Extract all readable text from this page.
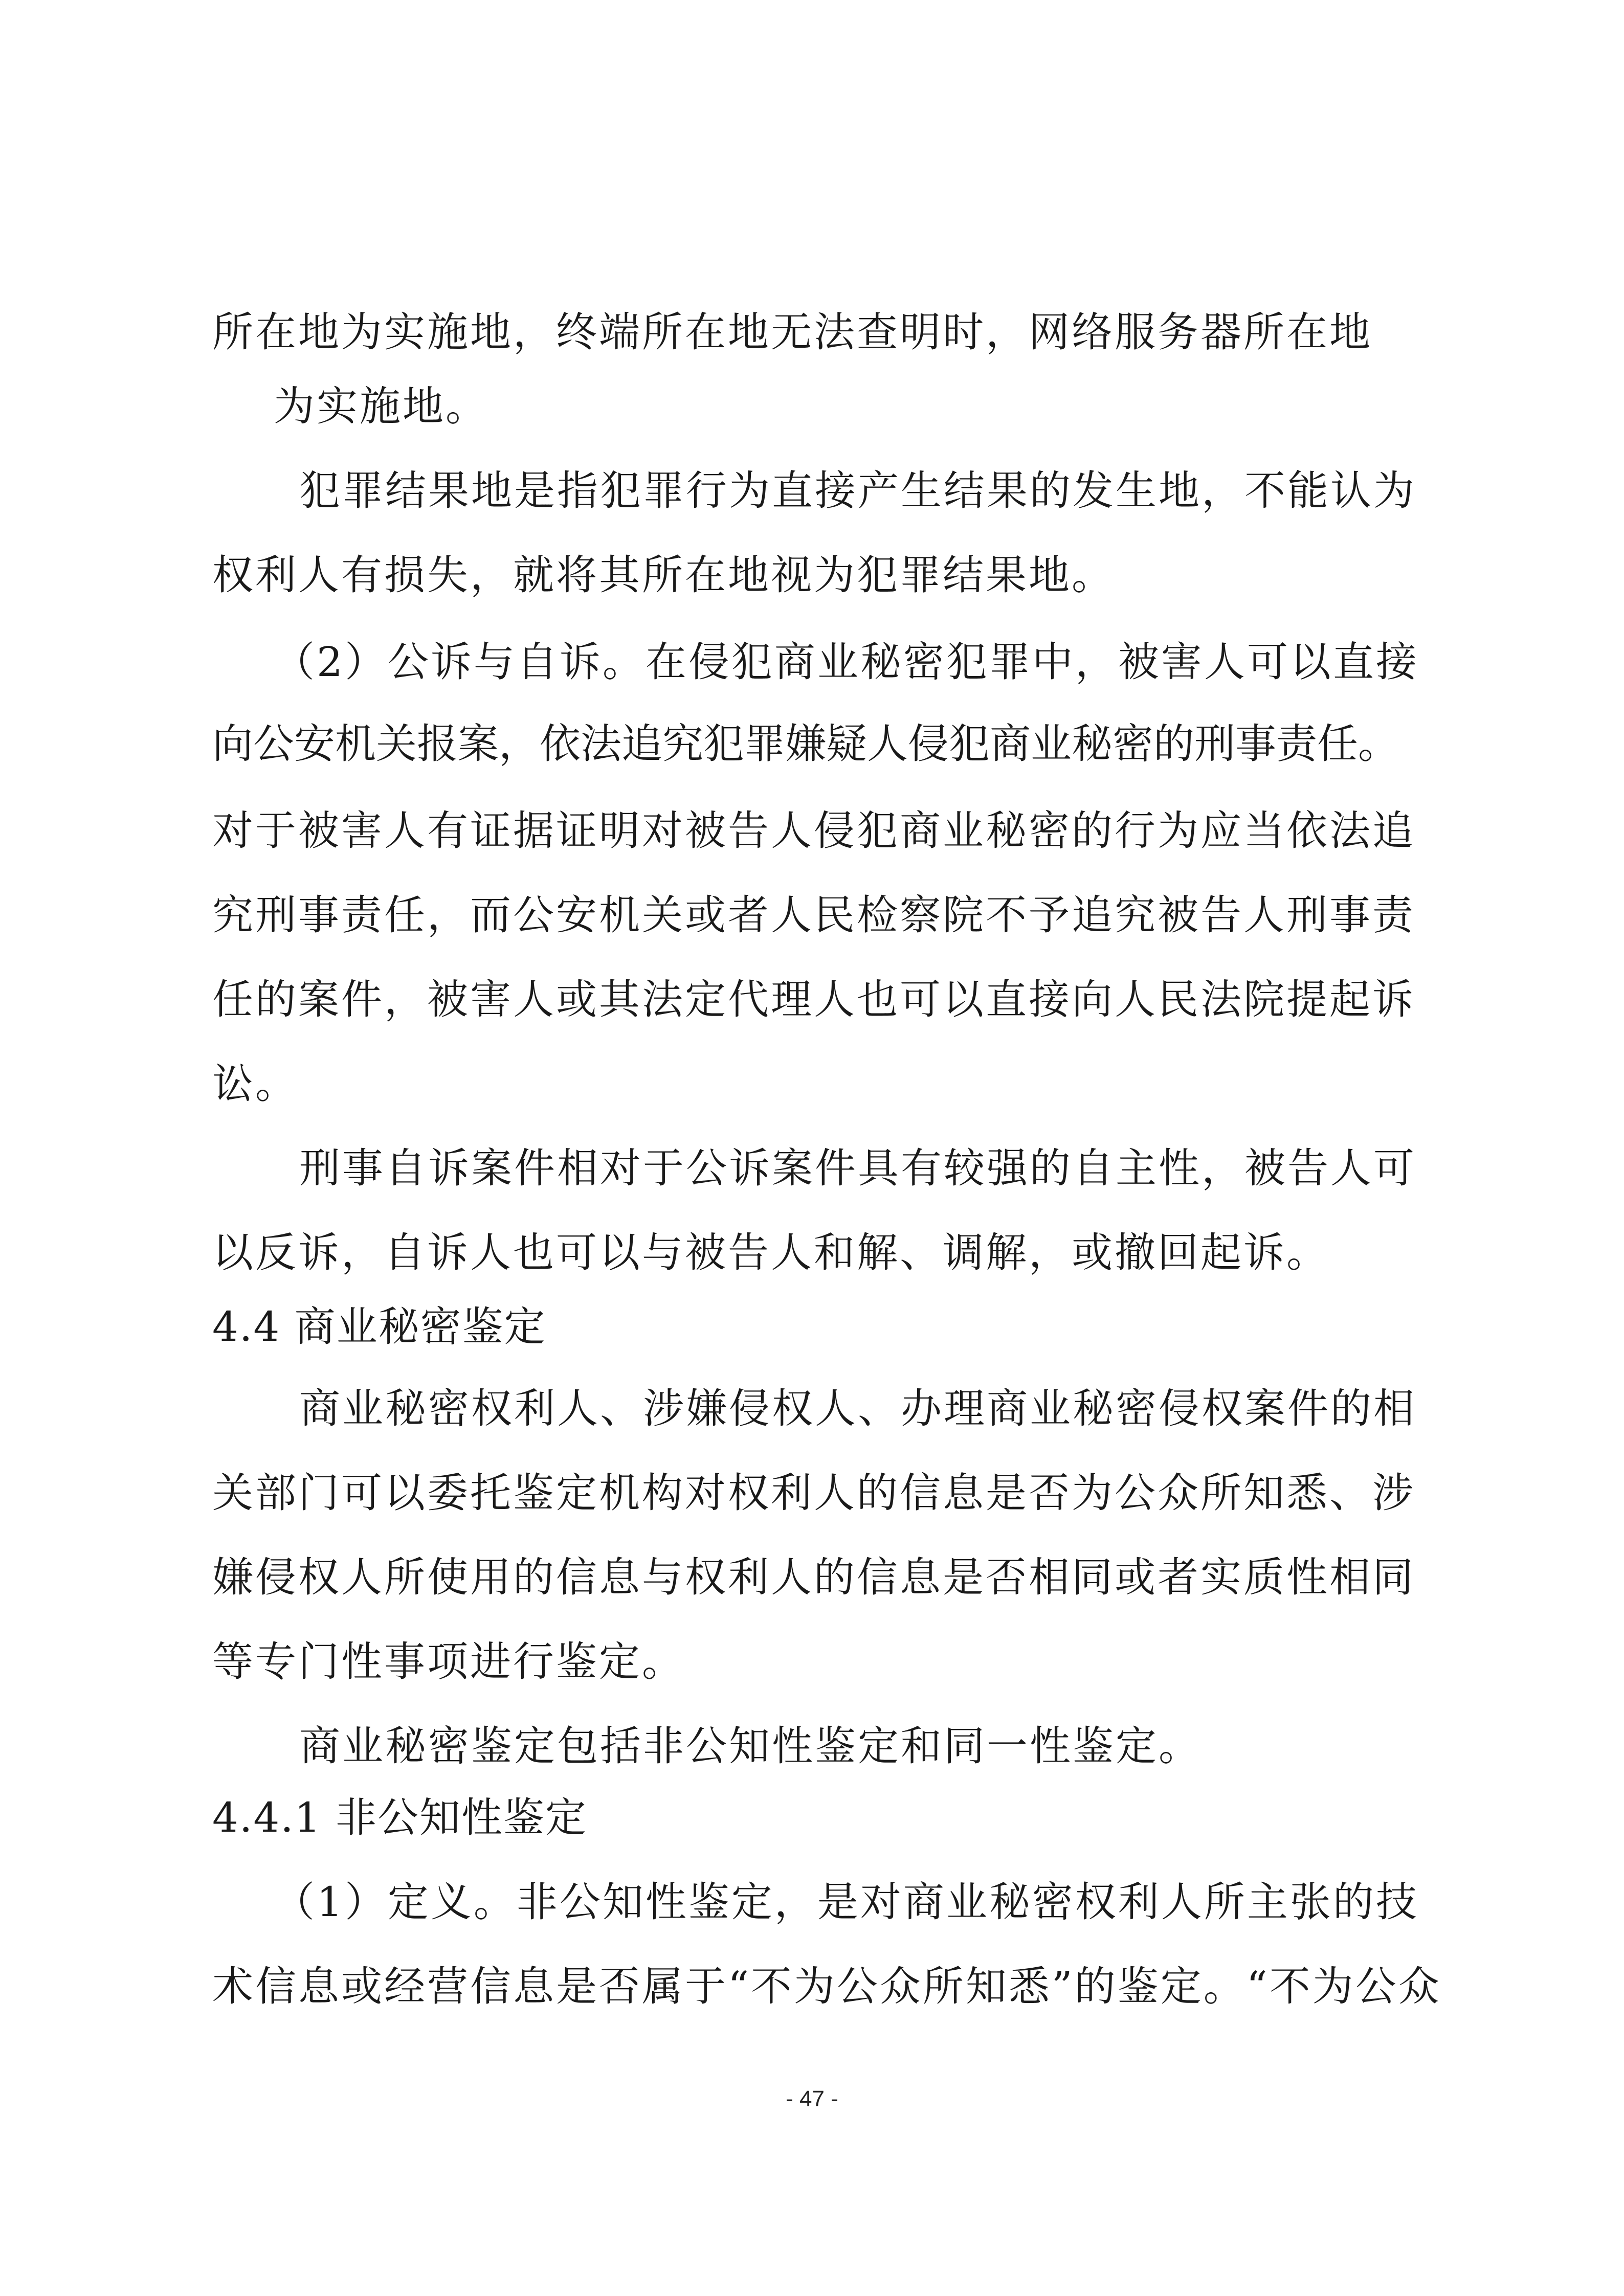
所在地为实施地，终端所在地无法查明时，网络服务器所在地
为实施地。
犯罪结果地是指犯罪行为直接产生结果的发生地，不能认为
权利人有损失，就将其所在地视为犯罪结果地。
（2）公诉与自诉。在侵犯商业秘密犯罪中，被害人可以直接
向公安机关报案，依法追究犯罪嫌疑人侵犯商业秘密的刑事责任。
对于被害人有证据证明对被告人侵犯商业秘密的行为应当依法追
究刑事责任，而公安机关或者人民检察院不予追究被告人刑事责
任的案件，被害人或其法定代理人也可以直接向人民法院提起诉
讼。
刑事自诉案件相对于公诉案件具有较强的自主性，被告人可
以反诉，自诉人也可以与被告人和解、调解，或撤回起诉。
4.4 商业秘密鉴定
商业秘密权利人、涉嫌侵权人、办理商业秘密侵权案件的相
关部门可以委托鉴定机构对权利人的信息是否为公众所知悉、涉
嫌侵权人所使用的信息与权利人的信息是否相同或者实质性相同
等专门性事项进行鉴定。
商业秘密鉴定包括非公知性鉴定和同一性鉴定。
4.4.1 非公知性鉴定
（1）定义。非公知性鉴定，是对商业秘密权利人所主张的技
术信息或经营信息是否属于“不为公众所知悉”的鉴定。“不为公众
- 47 -
